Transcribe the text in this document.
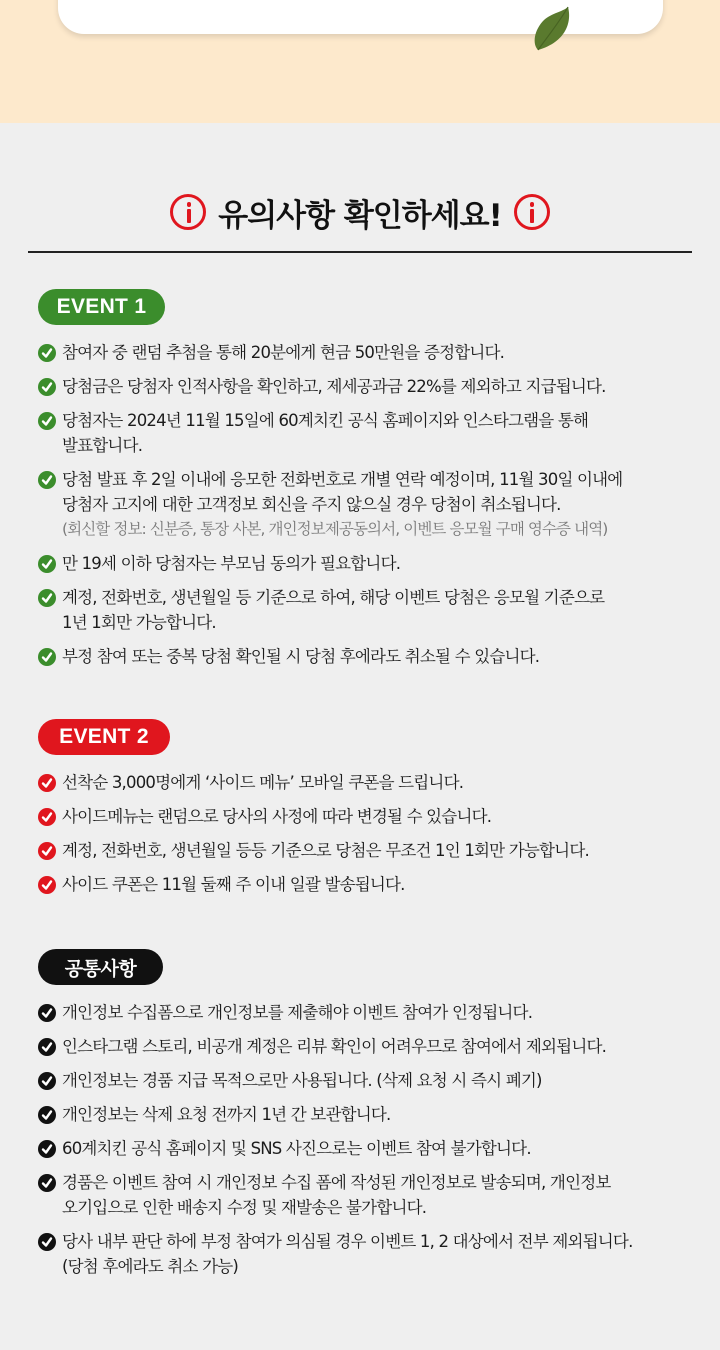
유의사항 확인하세요!
EVENT 1
참여자 중 랜덤 추첨을 통해 20분에게 현금 50만원을 증정합니다.
당첨금은 당첨자 인적사항을 확인하고, 제세공과금 22%를 제외하고 지급됩니다.
당첨자는 2024년 11월 15일에 60계치킨 공식 홈페이지와 인스타그램을 통해
발표합니다.
당첨 발표 후 2일 이내에 응모한 전화번호로 개별 연락 예정이며, 11월 30일 이내에
당첨자 고지에 대한 고객정보 회신을 주지 않으실 경우 당첨이 취소됩니다.
(회신할 정보: 신분증, 통장 사본, 개인정보제공동의서, 이벤트 응모월 구매 영수증 내역)
만 19세 이하 당첨자는 부모님 동의가 필요합니다.
계정, 전화번호, 생년월일 등 기준으로 하여, 해당 이벤트 당첨은 응모월 기준으로
1년 1회만 가능합니다.
부정 참여 또는 중복 당첨 확인될 시 당첨 후에라도 취소될 수 있습니다.
EVENT 2
선착순 3,000명에게 ‘사이드 메뉴’ 모바일 쿠폰을 드립니다.
사이드메뉴는 랜덤으로 당사의 사정에 따라 변경될 수 있습니다.
계정, 전화번호, 생년월일 등등 기준으로 당첨은 무조건 1인 1회만 가능합니다.
사이드 쿠폰은 11월 둘째 주 이내 일괄 발송됩니다.
공통사항
개인정보 수집폼으로 개인정보를 제출해야 이벤트 참여가 인정됩니다.
인스타그램 스토리, 비공개 계정은 리뷰 확인이 어려우므로 참여에서 제외됩니다.
개인정보는 경품 지급 목적으로만 사용됩니다. (삭제 요청 시 즉시 폐기)
개인정보는 삭제 요청 전까지 1년 간 보관합니다.
60계치킨 공식 홈페이지 및 SNS 사진으로는 이벤트 참여 불가합니다.
경품은 이벤트 참여 시 개인정보 수집 폼에 작성된 개인정보로 발송되며, 개인정보
오기입으로 인한 배송지 수정 및 재발송은 불가합니다.
당사 내부 판단 하에 부정 참여가 의심될 경우 이벤트 1, 2 대상에서 전부 제외됩니다.
(당첨 후에라도 취소 가능)
